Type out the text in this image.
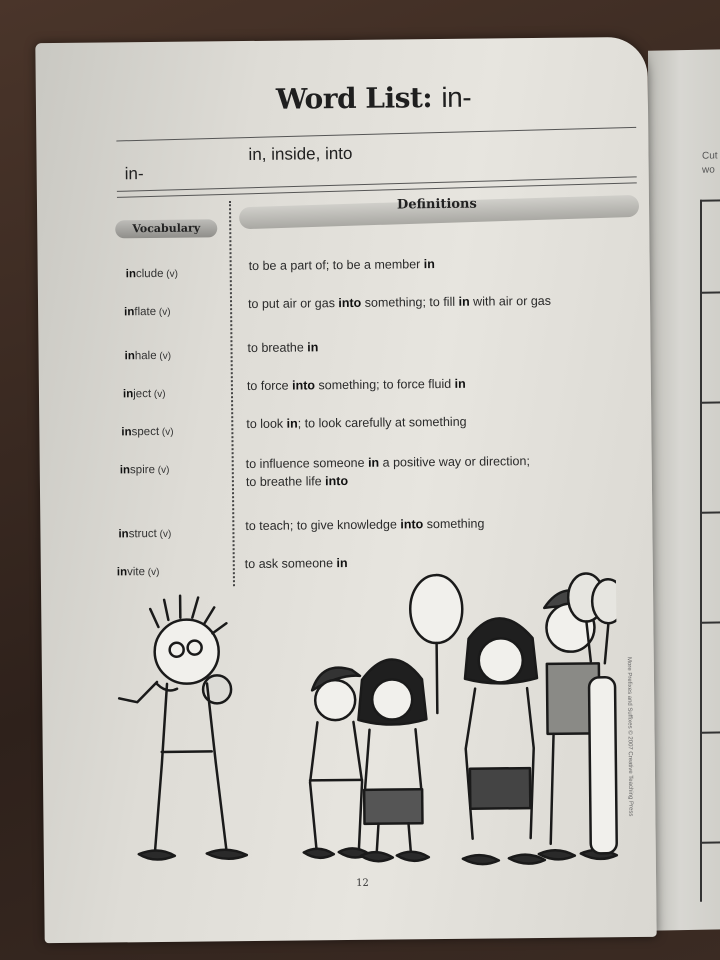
Cut
wo
Word List: in-
in-
in, inside, into
Definitions
Vocabulary
include (v)
to be a part of; to be a member in
inflate (v)
to put air or gas into something; to fill in with air or gas
inhale (v)
to breathe in
inject (v)
to force into something; to force fluid in
inspect (v)
to look in; to look carefully at something
inspire (v)	to influence someone in a positive way or direction;
to breathe life into
instruct (v)
to teach; to give knowledge into something
invite (v)
to ask someone in
More Prefixes and Suffixes © 2007 Creative Teaching Press
12
